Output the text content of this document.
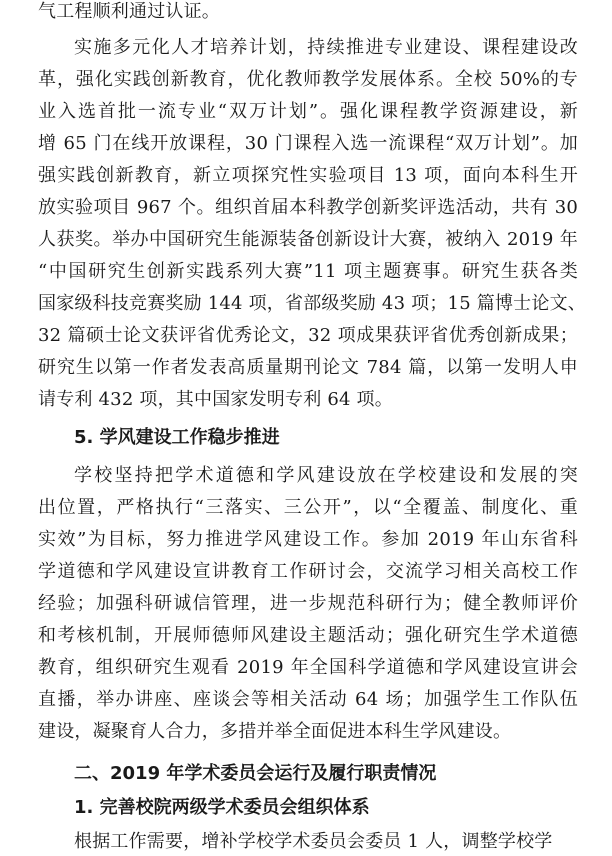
气工程顺利通过认证。
实施多元化人才培养计划，持续推进专业建设、课程建设改
革，强化实践创新教育，优化教师教学发展体系。全校 50%的专
业入选首批一流专业“双万计划”。强化课程教学资源建设，新
增 65 门在线开放课程，30 门课程入选一流课程“双万计划”。加
强实践创新教育，新立项探究性实验项目 13 项，面向本科生开
放实验项目 967 个。组织首届本科教学创新奖评选活动，共有 30
人获奖。举办中国研究生能源装备创新设计大赛，被纳入 2019 年
“中国研究生创新实践系列大赛”11 项主题赛事。研究生获各类
国家级科技竞赛奖励 144 项，省部级奖励 43 项；15 篇博士论文、
32 篇硕士论文获评省优秀论文，32 项成果获评省优秀创新成果；
研究生以第一作者发表高质量期刊论文 784 篇，以第一发明人申
请专利 432 项，其中国家发明专利 64 项。
5. 学风建设工作稳步推进
学校坚持把学术道德和学风建设放在学校建设和发展的突
出位置，严格执行“三落实、三公开”，以“全覆盖、制度化、重
实效”为目标，努力推进学风建设工作。参加 2019 年山东省科
学道德和学风建设宣讲教育工作研讨会，交流学习相关高校工作
经验；加强科研诚信管理，进一步规范科研行为；健全教师评价
和考核机制，开展师德师风建设主题活动；强化研究生学术道德
教育，组织研究生观看 2019 年全国科学道德和学风建设宣讲会
直播，举办讲座、座谈会等相关活动 64 场；加强学生工作队伍
建设，凝聚育人合力，多措并举全面促进本科生学风建设。
二、2019 年学术委员会运行及履行职责情况
1. 完善校院两级学术委员会组织体系
根据工作需要，增补学校学术委员会委员 1 人，调整学校学
